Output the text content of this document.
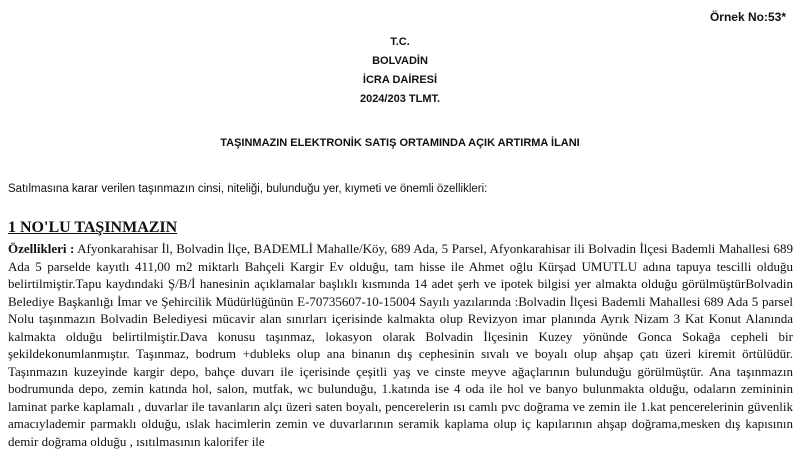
Örnek No:53*
T.C.
BOLVADİN
İCRA DAİRESİ
2024/203 TLMT.
TAŞINMAZIN ELEKTRONİK SATIŞ ORTAMINDA AÇIK ARTIRMA İLANI
Satılmasına karar verilen taşınmazın cinsi, niteliği, bulunduğu yer, kıymeti ve önemli özellikleri:
1 NO'LU TAŞINMAZIN

Özellikleri : Afyonkarahisar İl, Bolvadin İlçe, BADEMLİ Mahalle/Köy, 689 Ada, 5 Parsel, Afyonkarahisar ili Bolvadin İlçesi Bademli Mahallesi 689 Ada 5 parselde kayıtlı 411,00 m2 miktarlı Bahçeli Kargir Ev olduğu, tam hisse ile Ahmet oğlu Kürşad UMUTLU adına tapuya tescilli olduğu belirtilmiştir.Tapu kaydındaki Ş/B/İ hanesinin açıklamalar başlıklı kısmında 14 adet şerh ve ipotek bilgisi yer almakta olduğu görülmüştürBolvadin Belediye Başkanlığı İmar ve Şehircilik Müdürlüğünün E-70735607-10-15004 Sayılı yazılarında :Bolvadin İlçesi Bademli Mahallesi 689 Ada 5 parsel Nolu taşınmazın Bolvadin Belediyesi mücavir alan sınırları içerisinde kalmakta olup Revizyon imar planında Ayrık Nizam 3 Kat Konut Alanında kalmakta olduğu belirtilmiştir.Dava konusu taşınmaz, lokasyon olarak Bolvadin İlçesinin Kuzey yönünde Gonca Sokağa cepheli bir şekildekonumlanmıştır. Taşınmaz, bodrum +dubleks olup ana binanın dış cephesinin sıvalı ve boyalı olup ahşap çatı üzeri kiremit örtülüdür. Taşınmazın kuzeyinde kargir depo, bahçe duvarı ile içerisinde çeşitli yaş ve cinste meyve ağaçlarının bulunduğu görülmüştür. Ana taşınmazın bodrumunda depo, zemin katında hol, salon, mutfak, wc bulunduğu, 1.katında ise 4 oda ile hol ve banyo bulunmakta olduğu, odaların zemininin laminat parke kaplamalı , duvarlar ile tavanların alçı üzeri saten boyalı, pencerelerin ısı camlı pvc doğrama ve zemin ile 1.kat pencerelerinin güvenlik amacıylademir parmaklı olduğu, ıslak hacimlerin zemin ve duvarlarının seramik kaplama olup iç kapılarının ahşap doğrama,mesken dış kapısının demir doğrama olduğu , ısıtılmasının kalorifer ile
